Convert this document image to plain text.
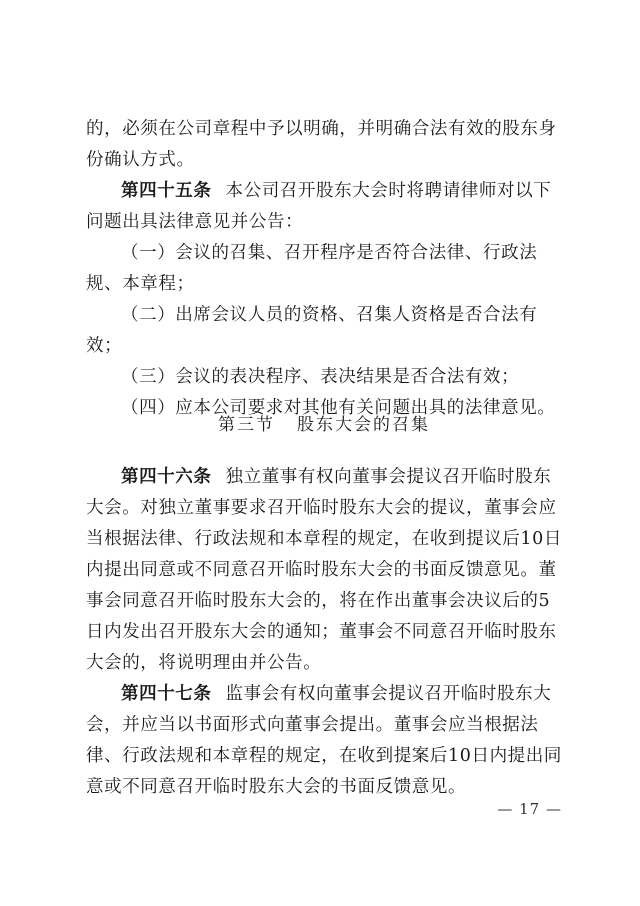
的，必须在公司章程中予以明确，并明确合法有效的股东身份确认方式。

第四十五条 本公司召开股东大会时将聘请律师对以下问题出具法律意见并公告：

（一）会议的召集、召开程序是否符合法律、行政法规、本章程；

（二）出席会议人员的资格、召集人资格是否合法有效；

（三）会议的表决程序、表决结果是否合法有效；

（四）应本公司要求对其他有关问题出具的法律意见。

第三节 股东大会的召集

第四十六条 独立董事有权向董事会提议召开临时股东大会。对独立董事要求召开临时股东大会的提议，董事会应当根据法律、行政法规和本章程的规定，在收到提议后10日内提出同意或不同意召开临时股东大会的书面反馈意见。董事会同意召开临时股东大会的，将在作出董事会决议后的5日内发出召开股东大会的通知；董事会不同意召开临时股东大会的，将说明理由并公告。

第四十七条 监事会有权向董事会提议召开临时股东大会，并应当以书面形式向董事会提出。董事会应当根据法律、行政法规和本章程的规定，在收到提案后10日内提出同意或不同意召开临时股东大会的书面反馈意见。

— 17 —
